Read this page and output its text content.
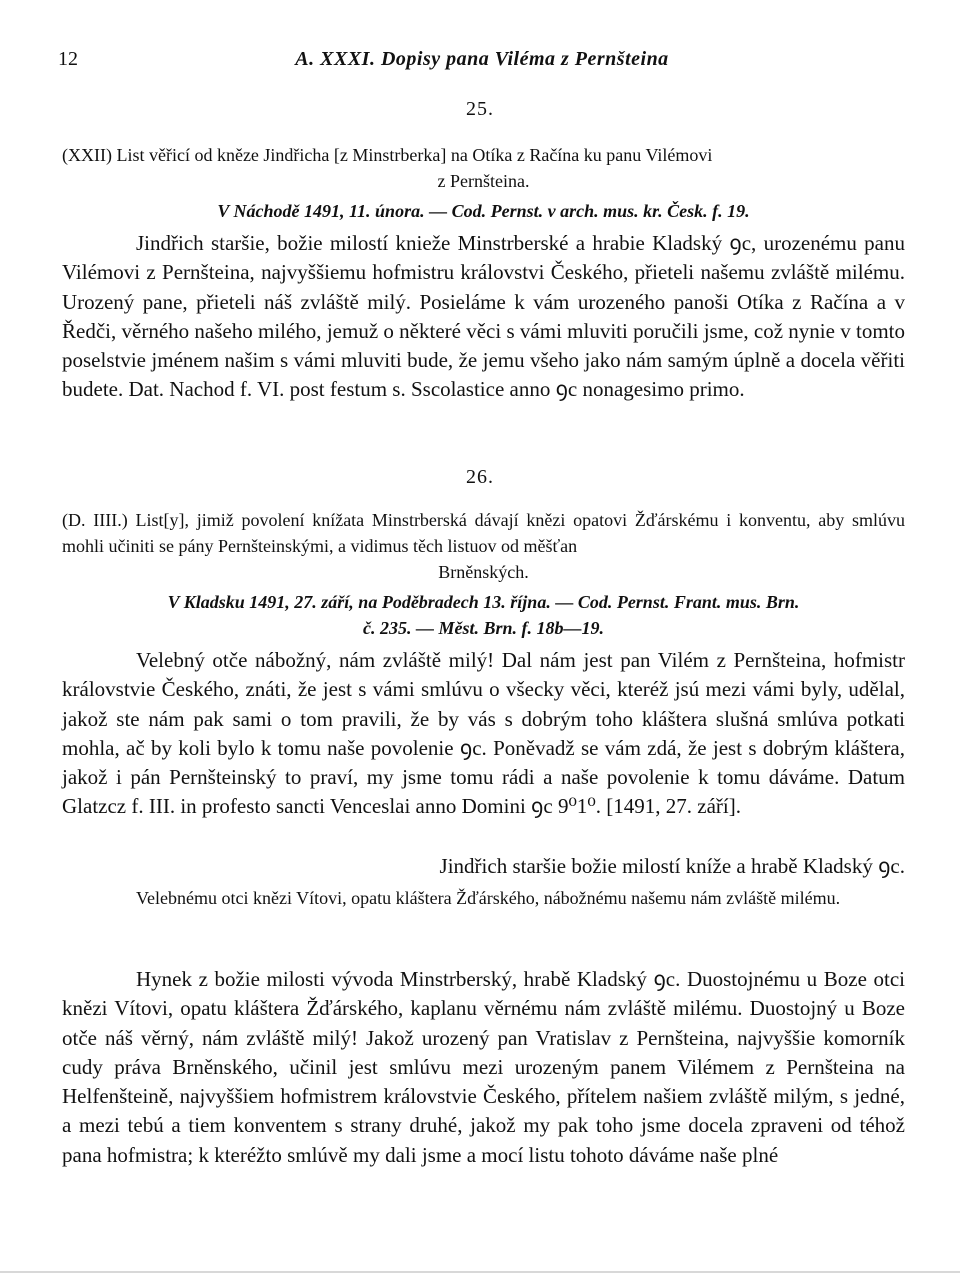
12	A. XXXI. Dopisy pana Viléma z Pernšteina
25.
(XXII) List věřicí od kněze Jindřicha [z Minstrberka] na Otíka z Račína ku panu Vilémovi
z Pernšteina.
V Náchodě 1491, 11. února. — Cod. Pernst. v arch. mus. kr. Česk. f. 19.

Jindřich staršie, božie milostí knieže Minstrberské a hrabie Kladský ꝯc, urozenému panu Vilémovi z Pernšteina, najvyššiemu hofmistru královstvi Českého, přieteli našemu zvláště milému. Urozený pane, přieteli náš zvláště milý. Posieláme k vám urozeného panoši Otíka z Račína a v Ředči, věrného našeho milého, jemuž o některé věci s vámi mluviti poručili jsme, což nynie v tomto poselstvie jménem našim s vámi mluviti bude, že jemu všeho jako nám samým úplně a docela věřiti budete. Dat. Nachod f. VI. post festum s. Sscolastice anno ꝯc nonagesimo primo.

26.
(D. IIII.) List[y], jimiž povolení knížata Minstrberská dávají knězi opatovi Žďárskému i konventu, aby smlúvu mohli učiniti se pány Pernšteinskými, a vidimus těch listuov od měšťan
Brněnských.
V Kladsku 1491, 27. září, na Poděbradech 13. října. — Cod. Pernst. Frant. mus. Brn.
č. 235. — Měst. Brn. f. 18b—19.

Velebný otče nábožný, nám zvláště milý! Dal nám jest pan Vilém z Pernšteina, hofmistr královstvie Českého, znáti, že jest s vámi smlúvu o všecky věci, kteréž jsú mezi vámi byly, udělal, jakož ste nám pak sami o tom pravili, že by vás s dobrým toho kláštera slušná smlúva potkati mohla, ač by koli bylo k tomu naše povolenie ꝯc. Poněvadž se vám zdá, že jest s dobrým kláštera, jakož i pán Pernšteinský to praví, my jsme tomu rádi a naše povolenie k tomu dáváme. Datum Glatzcz f. III. in profesto sancti Venceslai anno Domini ꝯc 9⁰1⁰. [1491, 27. září].

Jindřich staršie božie milostí kníže a hrabě Kladský ꝯc.

Velebnému otci knězi Vítovi, opatu kláštera Žďárského, nábožnému našemu nám zvláště milému.

Hynek z božie milosti vývoda Minstrberský, hrabě Kladský ꝯc. Duostojnému u Boze otci knězi Vítovi, opatu kláštera Žďárského, kaplanu věrnému nám zvláště milému. Duostojný u Boze otče náš věrný, nám zvláště milý! Jakož urozený pan Vratislav z Pernšteina, najvyššie komorník cudy práva Brněnského, učinil jest smlúvu mezi urozeným panem Vilémem z Pernšteina na Helfenšteině, najvyššiem hofmistrem královstvie Českého, přítelem našiem zvláště milým, s jedné, a mezi tebú a tiem konventem s strany druhé, jakož my pak toho jsme docela zpraveni od téhož pana hofmistra; k kteréžto smlúvě my dali jsme a mocí listu tohoto dáváme naše plné
